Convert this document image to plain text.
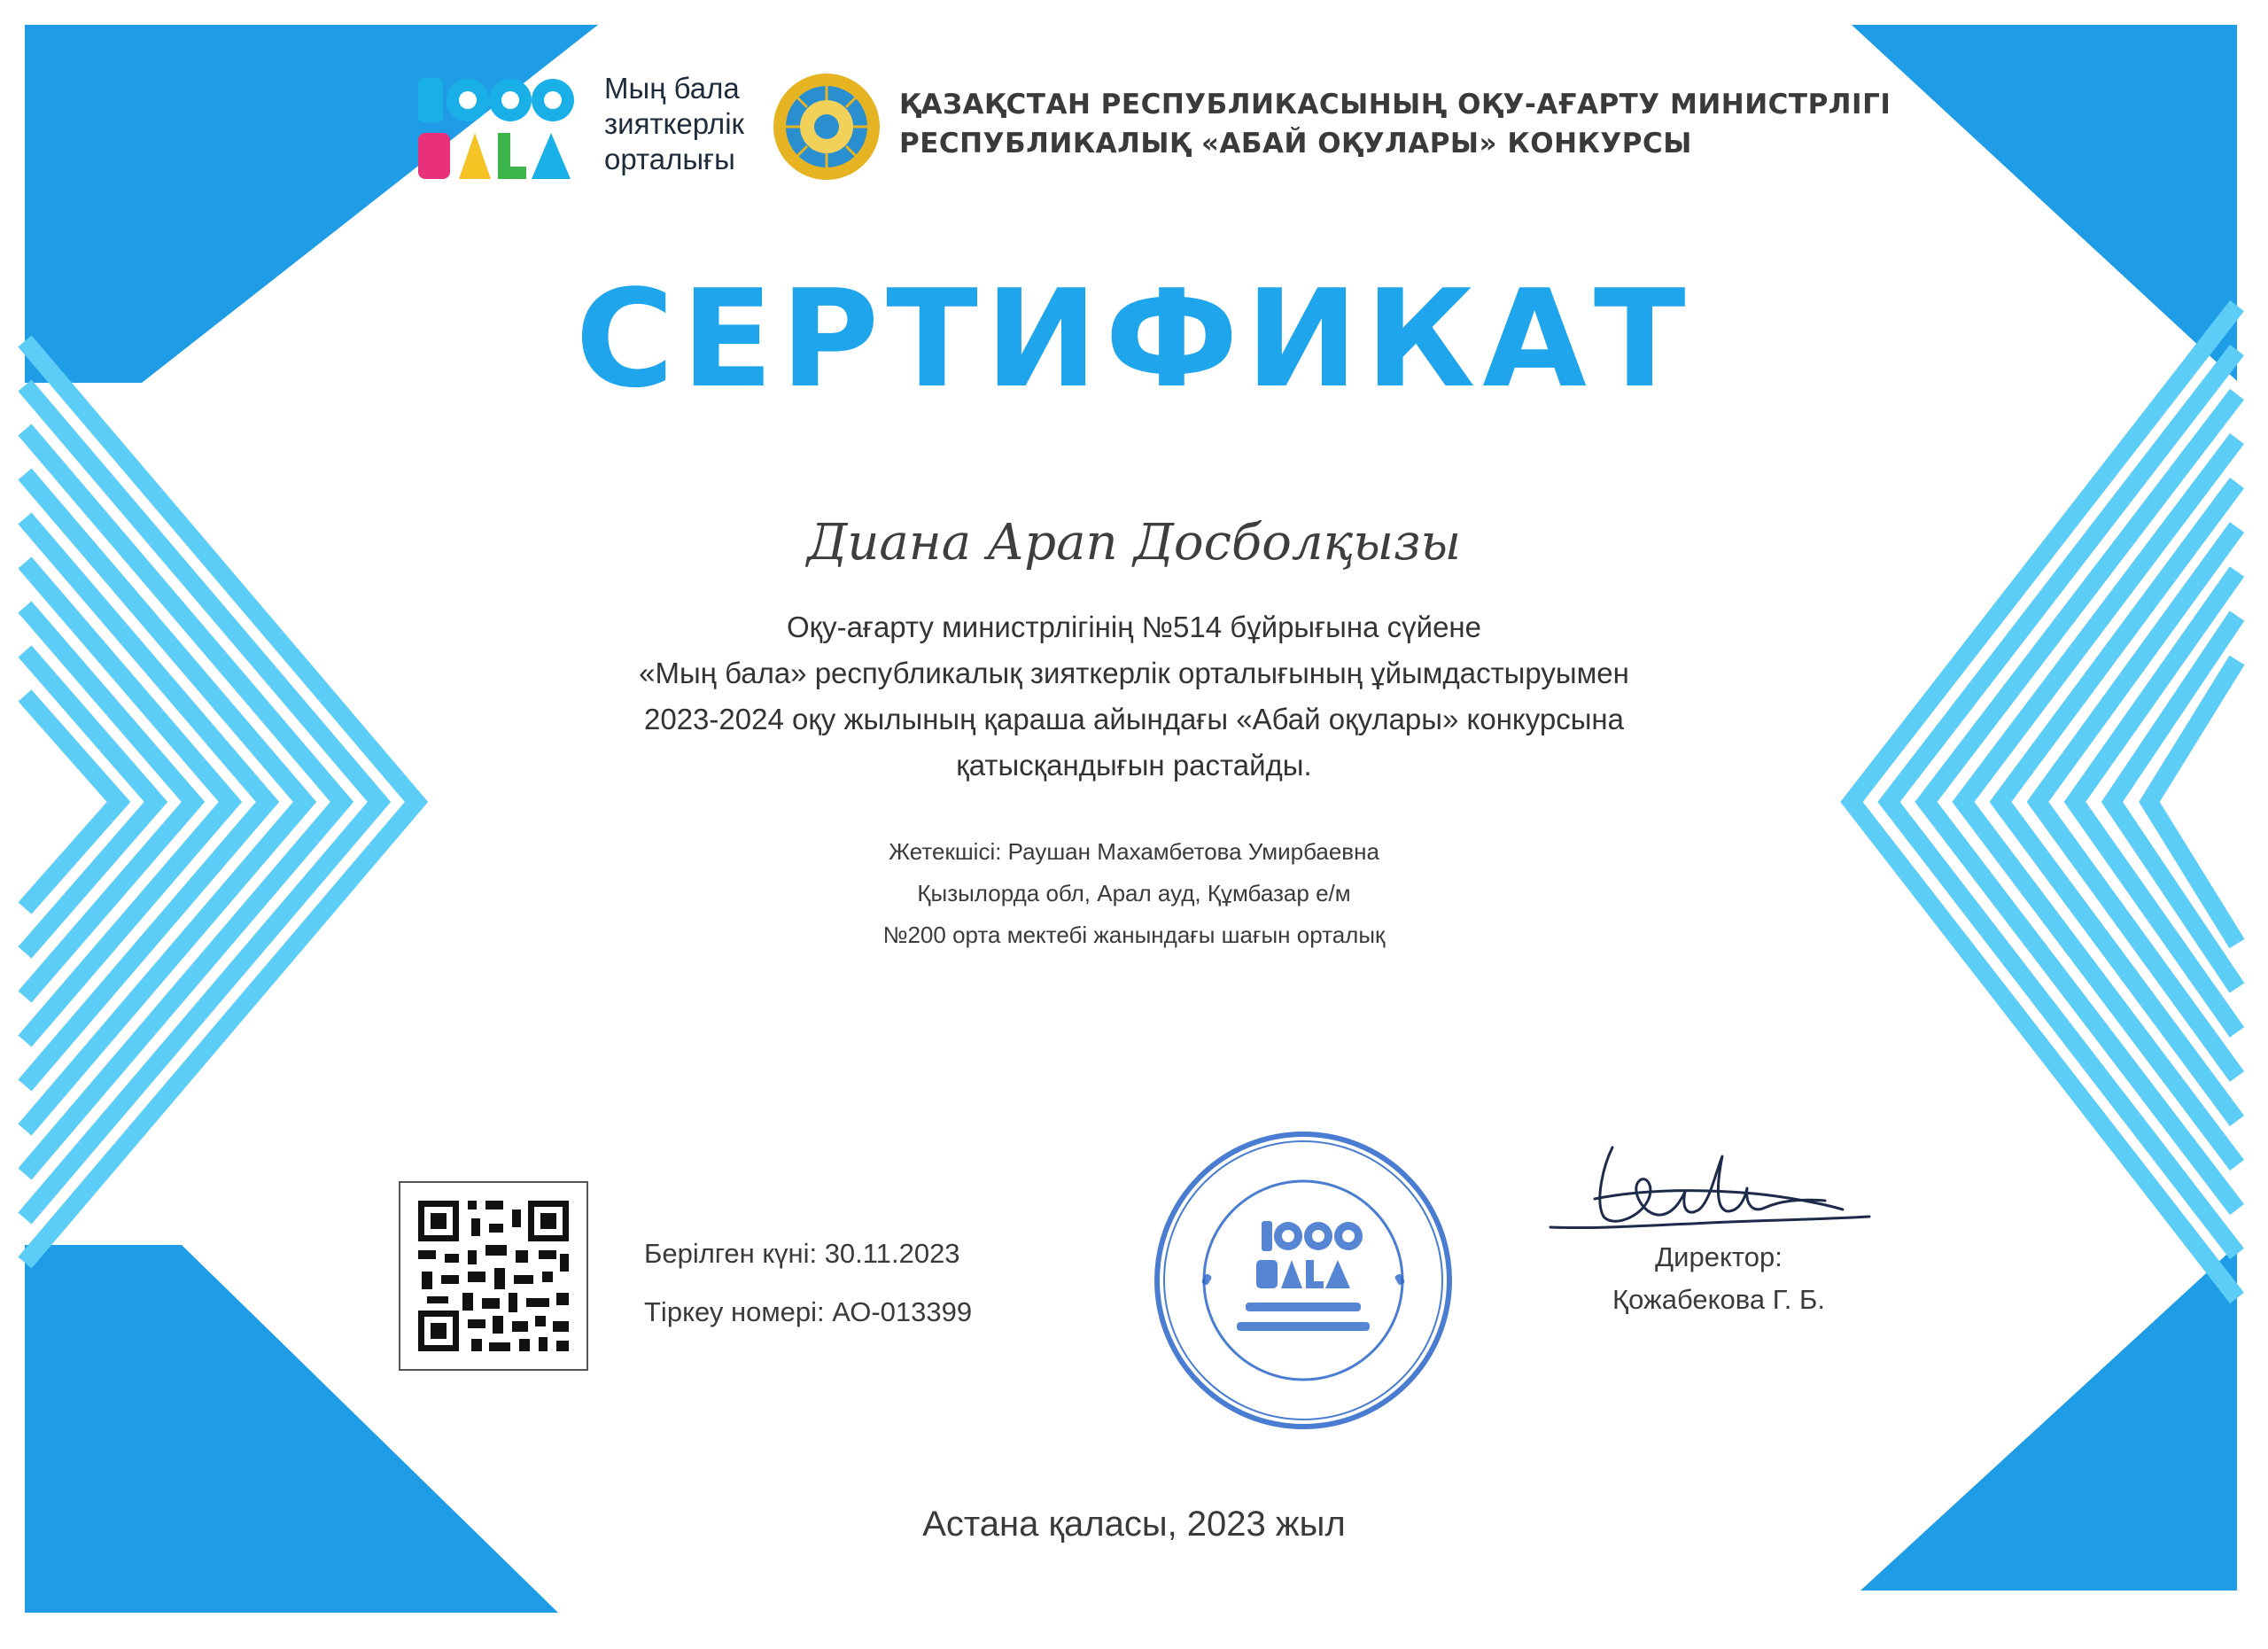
Мың бала
зияткерлік
орталығы
ҚАЗАҚСТАН РЕСПУБЛИКАСЫНЫҢ ОҚУ-АҒАРТУ МИНИСТРЛІГІ
РЕСПУБЛИКАЛЫҚ «АБАЙ ОҚУЛАРЫ» КОНКУРСЫ
СЕРТИФИКАТ
Диана Арап Досболқызы
Оқу-ағарту министрлігінің №514 бұйрығына сүйене
«Мың бала» республикалық зияткерлік орталығының ұйымдастыруымен
2023-2024 оқу жылының қараша айындағы «Абай оқулары» конкурсына
қатысқандығын растайды.
Жетекшісі: Раушан Махамбетова Умирбаевна
Қызылорда обл, Арал ауд, Құмбазар е/м
№200 орта мектебі жанындағы шағын орталық
Берілген күні: 30.11.2023
Тіркеу номері: АО-013399
Директор:
Қожабекова Г. Б.
Астана қаласы, 2023 жыл
